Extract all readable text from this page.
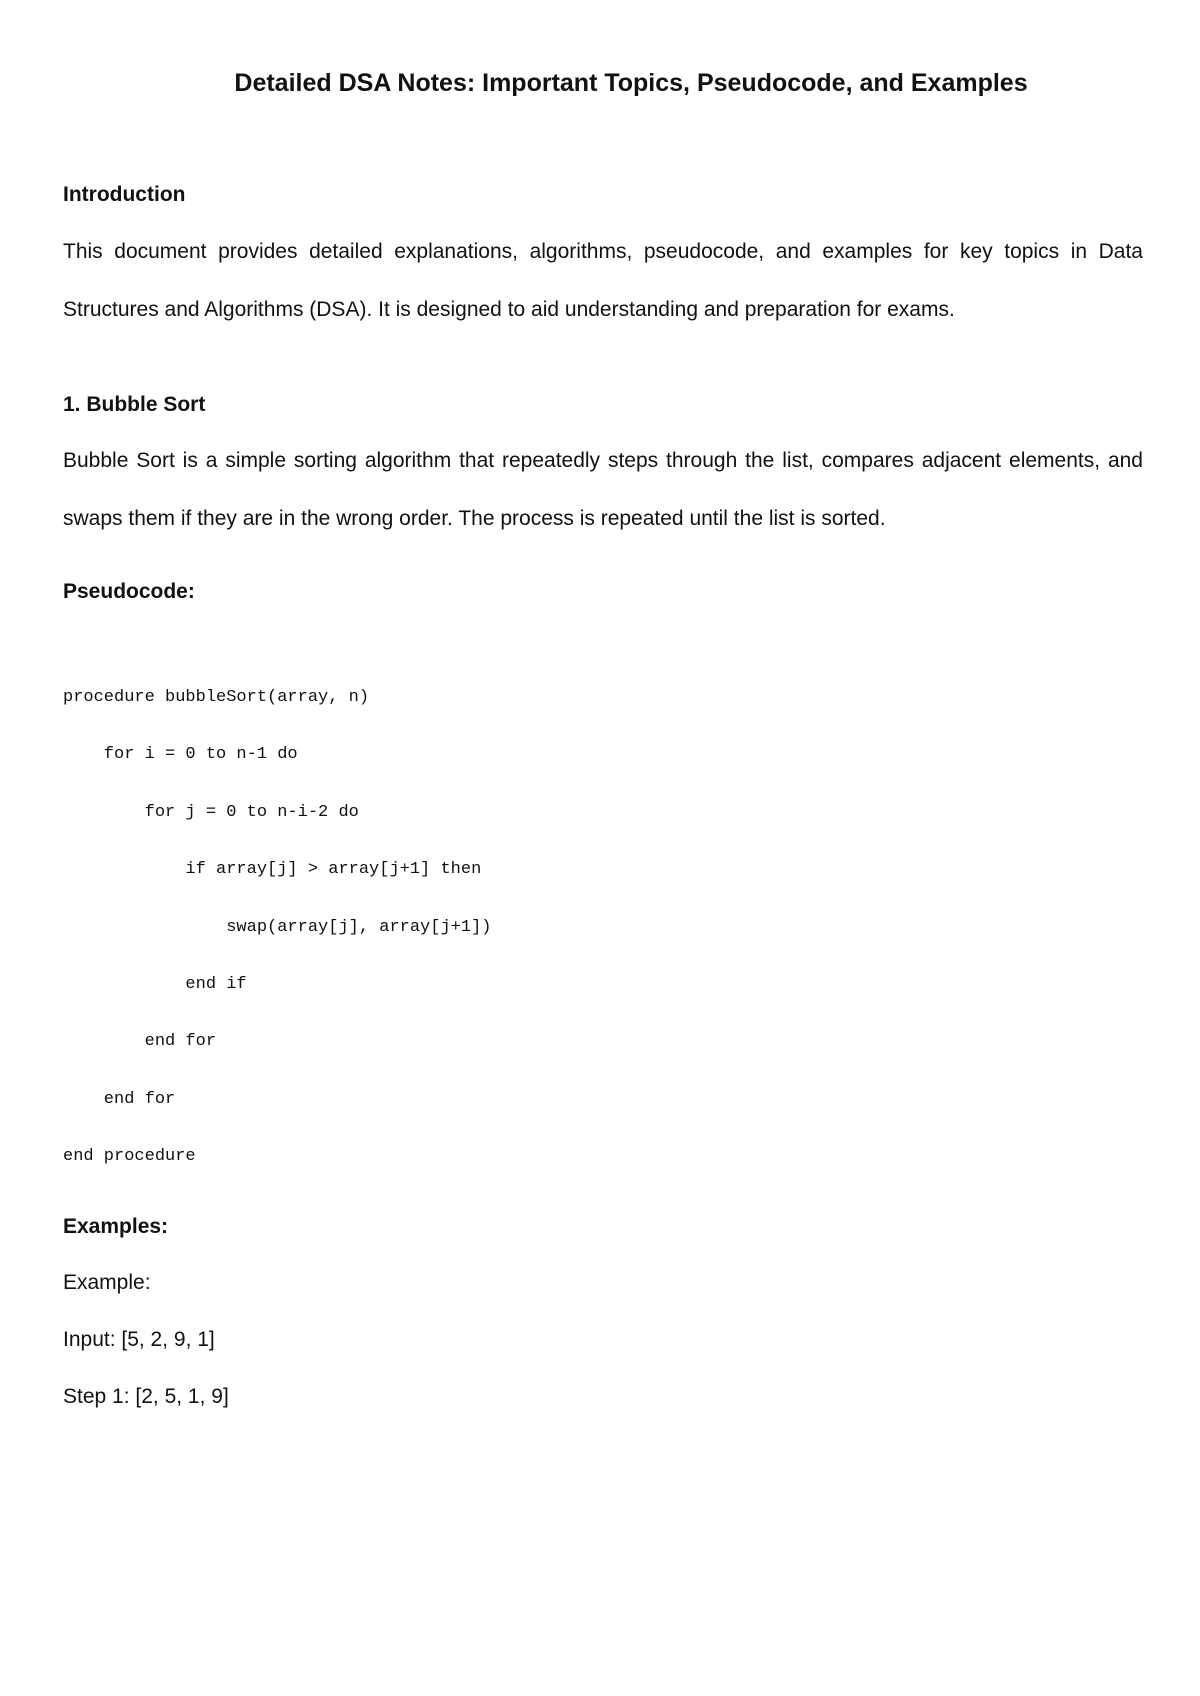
Detailed DSA Notes: Important Topics, Pseudocode, and Examples
Introduction

This document provides detailed explanations, algorithms, pseudocode, and examples for key topics in Data Structures and Algorithms (DSA). It is designed to aid understanding and preparation for exams.

1. Bubble Sort

Bubble Sort is a simple sorting algorithm that repeatedly steps through the list, compares adjacent elements, and swaps them if they are in the wrong order. The process is repeated until the list is sorted.

Pseudocode:
procedure bubbleSort(array, n)
for i = 0 to n-1 do
for j = 0 to n-i-2 do
if array[j] > array[j+1] then
swap(array[j], array[j+1])
end if
end for
end for
end procedure
Examples:

Example:

Input: [5, 2, 9, 1]

Step 1: [2, 5, 1, 9]
